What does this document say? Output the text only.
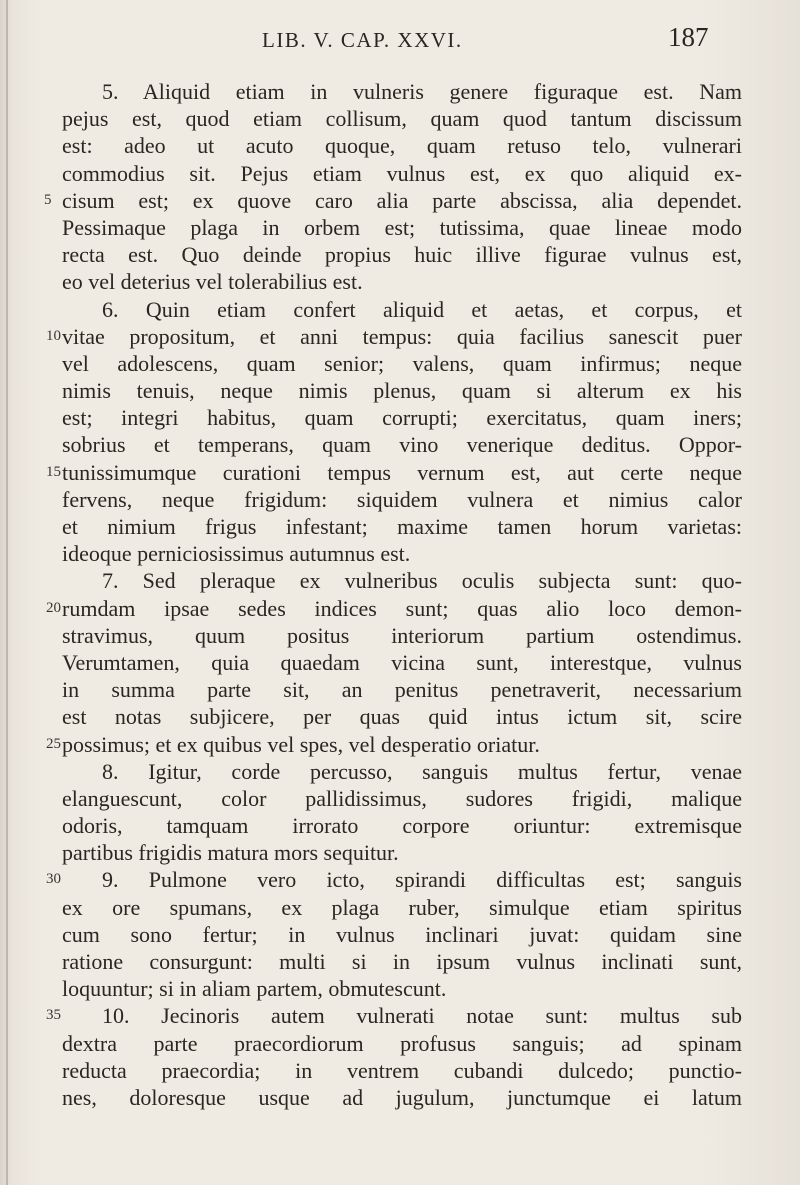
LIB. V. CAP. XXVI.	187
5. Aliquid etiam in vulneris genere figuraque est. Nam
pejus est, quod etiam collisum, quam quod tantum discissum
est: adeo ut acuto quoque, quam retuso telo, vulnerari
commodius sit. Pejus etiam vulnus est, ex quo aliquid ex-
5 cisum est; ex quove caro alia parte abscissa, alia dependet.
Pessimaque plaga in orbem est; tutissima, quae lineae modo
recta est. Quo deinde propius huic illive figurae vulnus est,
eo vel deterius vel tolerabilius est.
6. Quin etiam confert aliquid et aetas, et corpus, et
10 vitae propositum, et anni tempus: quia facilius sanescit puer
vel adolescens, quam senior; valens, quam infirmus; neque
nimis tenuis, neque nimis plenus, quam si alterum ex his
est; integri habitus, quam corrupti; exercitatus, quam iners;
sobrius et temperans, quam vino venerique deditus. Oppor-
15 tunissimumque curationi tempus vernum est, aut certe neque
fervens, neque frigidum: siquidem vulnera et nimius calor
et nimium frigus infestant; maxime tamen horum varietas:
ideoque perniciosissimus autumnus est.
7. Sed pleraque ex vulneribus oculis subjecta sunt: quo-
20 rumdam ipsae sedes indices sunt; quas alio loco demon-
stravimus, quum positus interiorum partium ostendimus.
Verumtamen, quia quaedam vicina sunt, interestque, vulnus
in summa parte sit, an penitus penetraverit, necessarium
est notas subjicere, per quas quid intus ictum sit, scire
25 possimus; et ex quibus vel spes, vel desperatio oriatur.
8. Igitur, corde percusso, sanguis multus fertur, venae
elanguescunt, color pallidissimus, sudores frigidi, malique
odoris, tamquam irrorato corpore oriuntur: extremisque
partibus frigidis matura mors sequitur.
30 9. Pulmone vero icto, spirandi difficultas est; sanguis
ex ore spumans, ex plaga ruber, simulque etiam spiritus
cum sono fertur; in vulnus inclinari juvat: quidam sine
ratione consurgunt: multi si in ipsum vulnus inclinati sunt,
loquuntur; si in aliam partem, obmutescunt.
35 10. Jecinoris autem vulnerati notae sunt: multus sub
dextra parte praecordiorum profusus sanguis; ad spinam
reducta praecordia; in ventrem cubandi dulcedo; punctio-
nes, doloresque usque ad jugulum, junctumque ei latum
